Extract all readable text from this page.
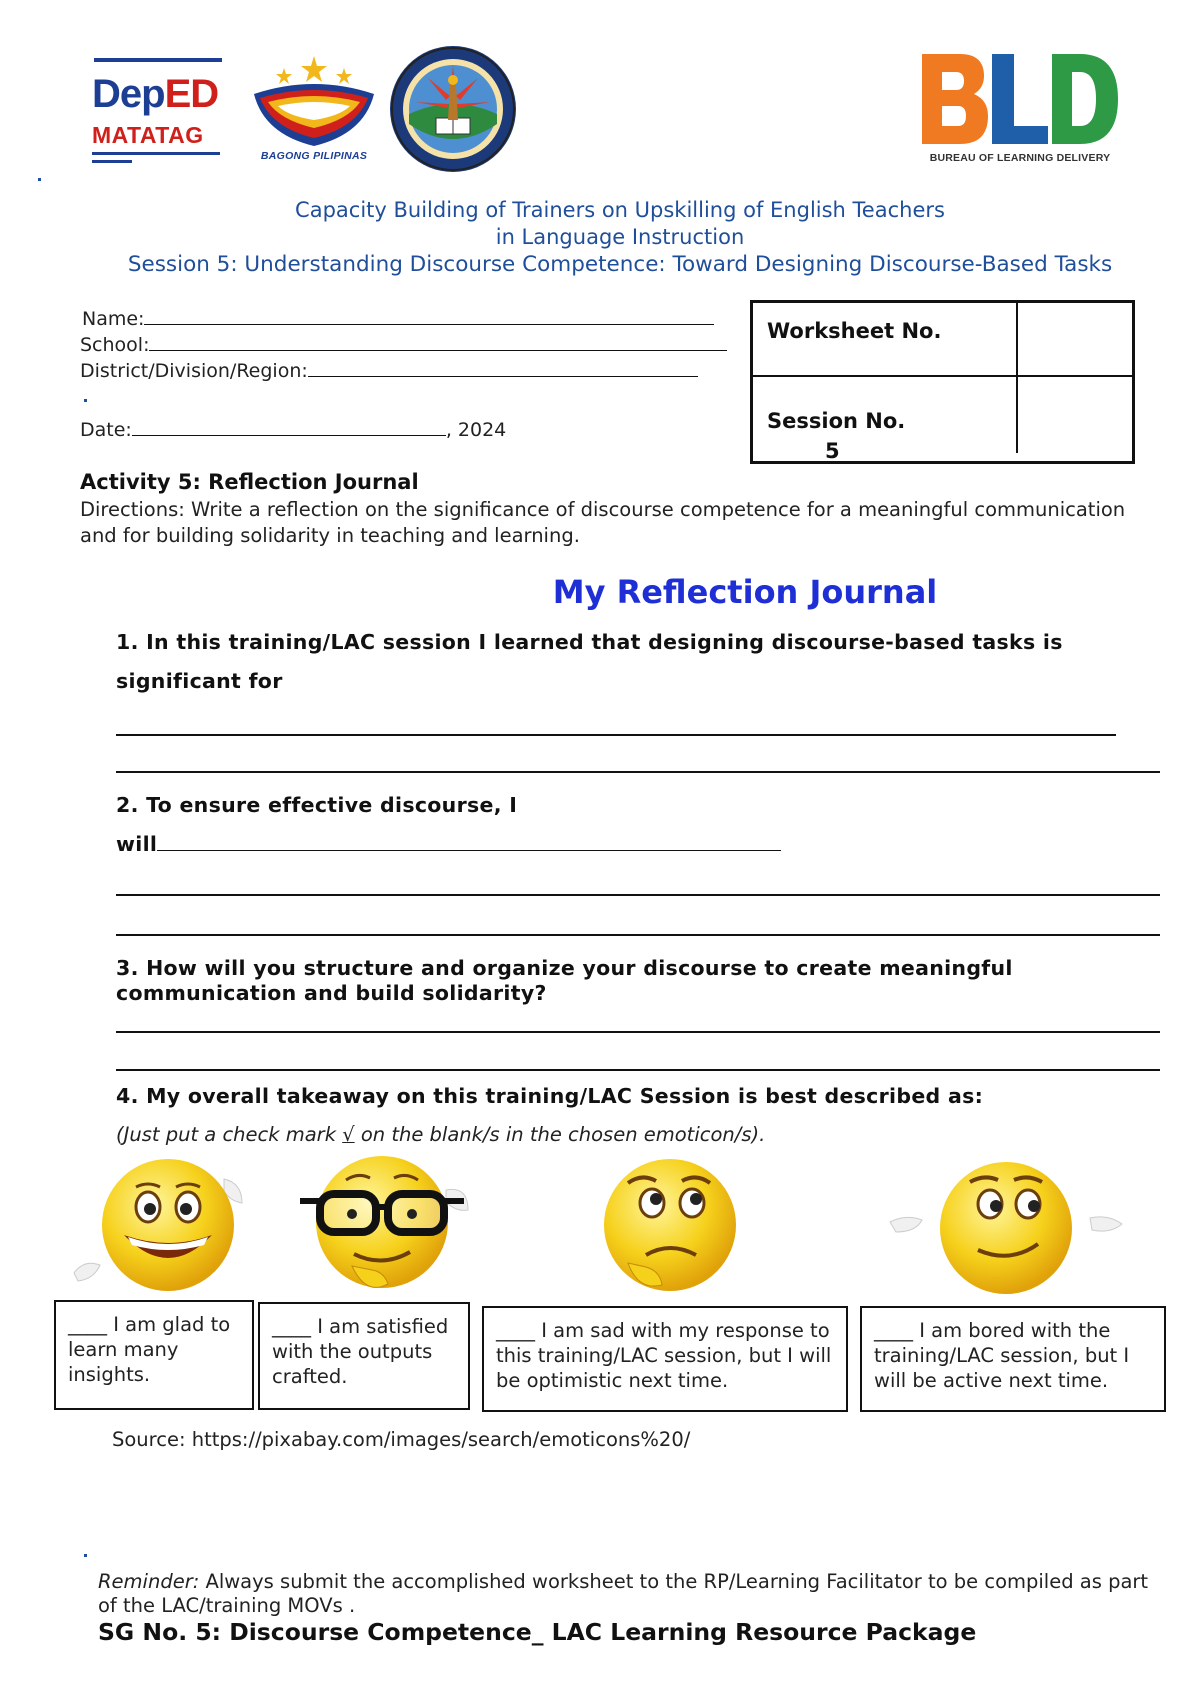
DepED
MATATAG
BAGONG PILIPINAS	BUREAU OF LEARNING DELIVERY
Capacity Building of Trainers on Upskilling of English Teachers
in Language Instruction
Session 5: Understanding Discourse Competence: Toward Designing Discourse-Based Tasks
Name:
School:
District/Division/Region:
Date:	, 2024
Worksheet No.
Session No.
5
Activity 5: Reflection Journal
Directions: Write a reflection on the significance of discourse competence for a meaningful communication and for building solidarity in teaching and learning.
My Reflection Journal
1. In this training/LAC session I learned that designing discourse-based tasks is
significant for
2. To ensure effective discourse, I
will
3. How will you structure and organize your discourse to create meaningful
communication and build solidarity?
4. My overall takeaway on this training/LAC Session is best described as:
(Just put a check mark √ on the blank/s in the chosen emoticon/s).
____ I am glad to learn many insights.
____ I am satisfied with the outputs crafted.
____ I am sad with my response to this training/LAC session, but I will be optimistic next time.
____ I am bored with the training/LAC session, but I will be active next time.
Source: https://pixabay.com/images/search/emoticons%20/
Reminder: Always submit the accomplished worksheet to the RP/Learning Facilitator to be compiled as part of the LAC/training MOVs .
SG No. 5: Discourse Competence_ LAC Learning Resource Package
